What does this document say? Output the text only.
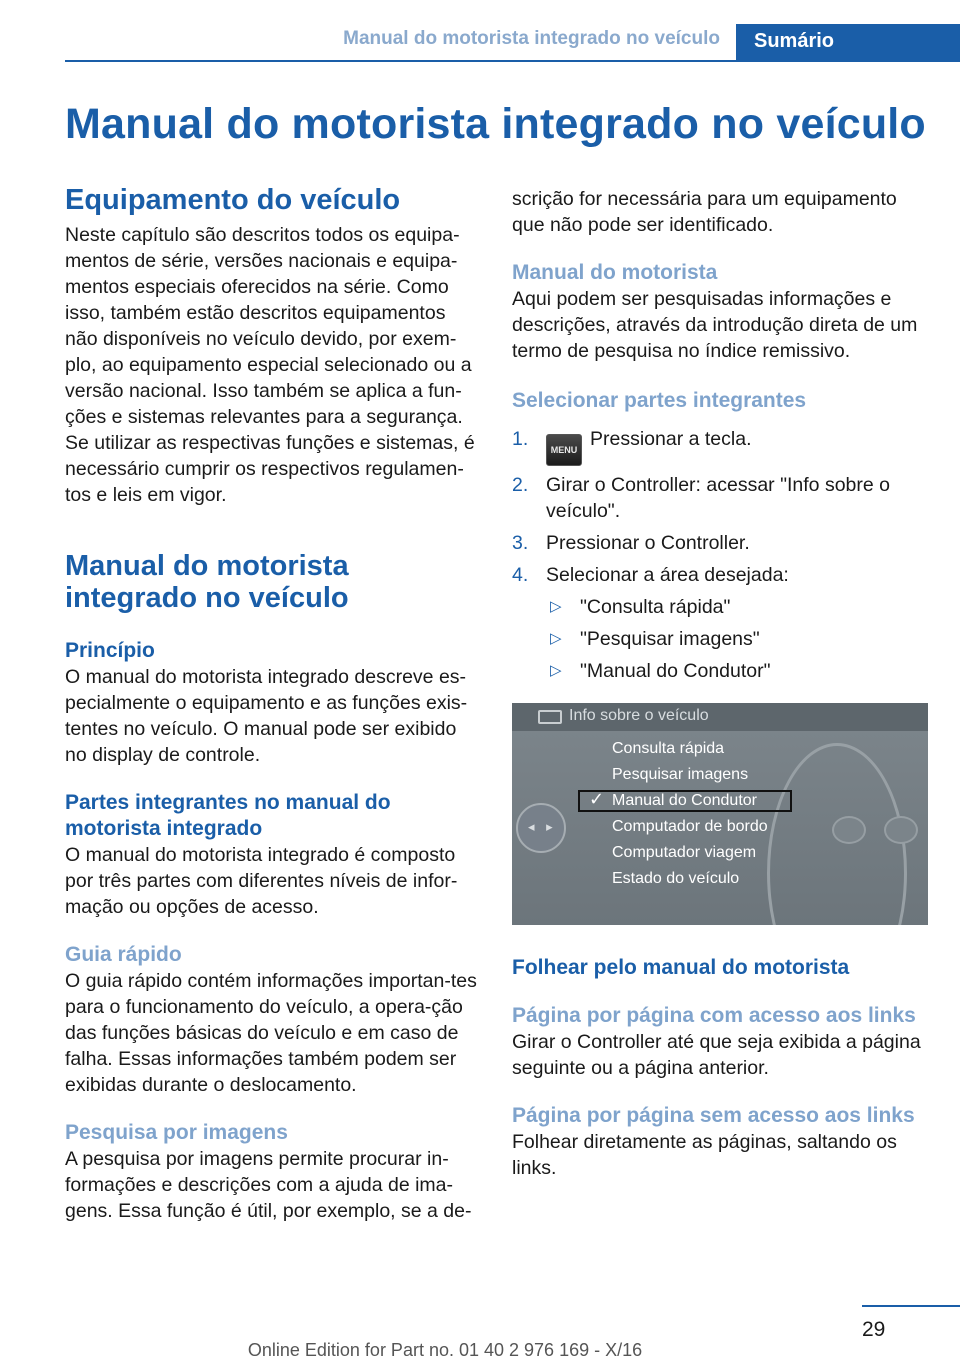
Manual do motorista integrado no veículo	Sumário
Manual do motorista integrado no veículo
Equipamento do veículo

Neste capítulo são descritos todos os equipa-mentos de série, versões nacionais e equipa-mentos especiais oferecidos na série. Como isso, também estão descritos equipamentos não disponíveis no veículo devido, por exem-plo, ao equipamento especial selecionado ou a versão nacional. Isso também se aplica a fun-ções e sistemas relevantes para a segurança. Se utilizar as respectivas funções e sistemas, é necessário cumprir os respectivos regulamen-tos e leis em vigor.

Manual do motorista integrado no veículo
Princípio

O manual do motorista integrado descreve es-pecialmente o equipamento e as funções exis-tentes no veículo. O manual pode ser exibido no display de controle.

Partes integrantes no manual do motorista integrado

O manual do motorista integrado é composto por três partes com diferentes níveis de infor-mação ou opções de acesso.

Guia rápido

O guia rápido contém informações importan-tes para o funcionamento do veículo, a opera-ção das funções básicas do veículo e em caso de falha. Essas informações também podem ser exibidas durante o deslocamento.

Pesquisa por imagens

A pesquisa por imagens permite procurar in-formações e descrições com a ajuda de ima-gens. Essa função é útil, por exemplo, se a de-

scrição for necessária para um equipamento que não pode ser identificado.

Manual do motorista

Aqui podem ser pesquisadas informações e descrições, através da introdução direta de um termo de pesquisa no índice remissivo.

Selecionar partes integrantes
1. MENU Pressionar a tecla.
2. Girar o Controller: acessar "Info sobre o veículo".
3. Pressionar o Controller.
4. Selecionar a área desejada:
▷ "Consulta rápida"
▷ "Pesquisar imagens"
▷ "Manual do Condutor"
Info sobre o veículo
◂ ▸
✓
Consulta rápida
Pesquisar imagens
Manual do Condutor
Computador de bordo
Computador viagem
Estado do veículo
Folhear pelo manual do motorista
Página por página com acesso aos links

Girar o Controller até que seja exibida a página seguinte ou a página anterior.

Página por página sem acesso aos links

Folhear diretamente as páginas, saltando os links.

29
Online Edition for Part no. 01 40 2 976 169 - X/16
